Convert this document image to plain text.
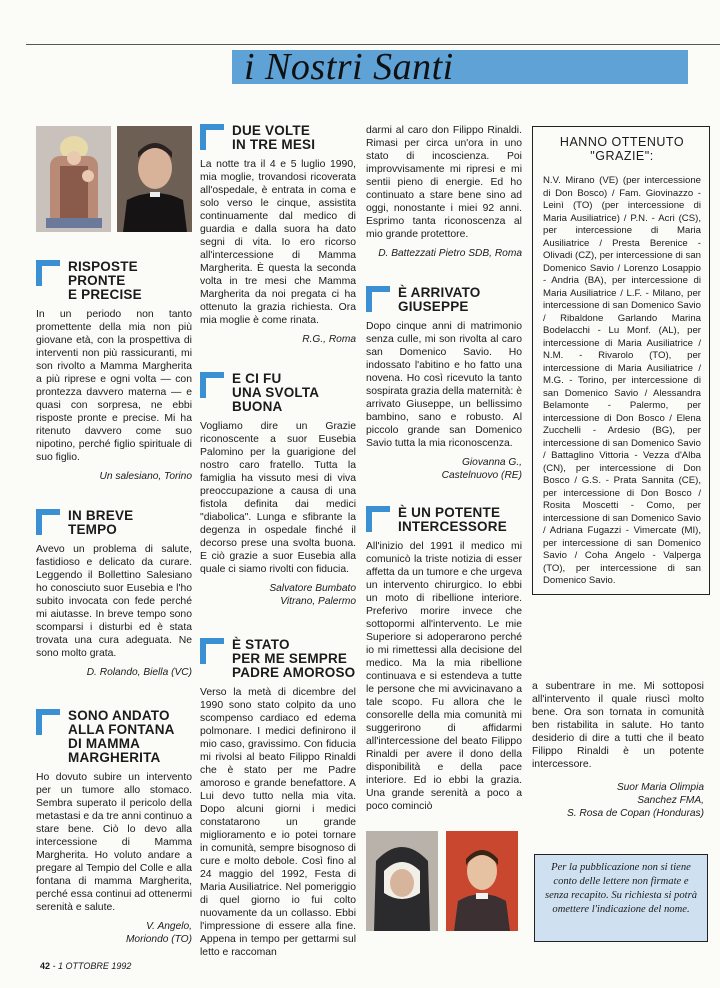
i Nostri Santi
RISPOSTE
PRONTE
E PRECISE

In un periodo non tanto promettente della mia non più giovane età, con la prospettiva di interventi non più rassicuranti, mi son rivolto a Mamma Margherita a più riprese e ogni volta — con prontezza davvero materna — e quasi con sorpresa, ne ebbi risposte pronte e precise. Mi ha ritenuto davvero come suo nipotino, perché figlio spirituale di suo figlio.

Un salesiano, Torino

IN BREVE
TEMPO

Avevo un problema di salute, fastidioso e delicato da curare. Leggendo il Bollettino Salesiano ho conosciuto suor Eusebia e l'ho subito invocata con fede perché mi aiutasse. In breve tempo sono scomparsi i disturbi ed è stata trovata una cura adeguata. Ne sono molto grata.

D. Rolando, Biella (VC)

SONO ANDATO
ALLA FONTANA
DI MAMMA
MARGHERITA

Ho dovuto subire un intervento per un tumore allo stomaco. Sembra superato il pericolo della metastasi e da tre anni continuo a stare bene. Ciò lo devo alla intercessione di Mamma Margherita. Ho voluto andare a pregare al Tempio del Colle e alla fontana di mamma Margherita, perché essa continui ad ottenermi serenità e salute.

V. Angelo,
Moriondo (TO)

DUE VOLTE
IN TRE MESI

La notte tra il 4 e 5 luglio 1990, mia moglie, trovandosi ricoverata all'ospedale, è entrata in coma e solo verso le cinque, assistita continuamente dal medico di guardia e dalla suora ha dato segni di vita. Io ero ricorso all'intercessione di Mamma Margherita. È questa la seconda volta in tre mesi che Mamma Margherita da noi pregata ci ha ottenuto la grazia richiesta. Ora mia moglie è come rinata.

R.G., Roma

E CI FU
UNA SVOLTA
BUONA

Vogliamo dire un Grazie riconoscente a suor Eusebia Palomino per la guarigione del nostro caro fratello. Tutta la famiglia ha vissuto mesi di viva preoccupazione a causa di una fistola definita dai medici "diabolica". Lunga e sfibrante la degenza in ospedale finché il decorso prese una svolta buona. E ciò grazie a suor Eusebia alla quale ci siamo rivolti con fiducia.

Salvatore Bumbato
Vitrano, Palermo

È STATO
PER ME SEMPRE
PADRE AMOROSO

Verso la metà di dicembre del 1990 sono stato colpito da uno scompenso cardiaco ed edema polmonare. I medici definirono il mio caso, gravissimo. Con fiducia mi rivolsi al beato Filippo Rinaldi che è stato per me Padre amoroso e grande benefattore. A Lui devo tutto nella mia vita. Dopo alcuni giorni i medici constatarono un grande miglioramento e io potei tornare in comunità, sempre bisognoso di cure e molto debole. Così fino al 24 maggio del 1992, Festa di Maria Ausiliatrice. Nel pomeriggio di quel giorno io fui colto nuovamente da un collasso. Ebbi l'impressione di essere alla fine. Appena in tempo per gettarmi sul letto e raccoman

darmi al caro don Filippo Rinaldi. Rimasi per circa un'ora in uno stato di incoscienza. Poi improvvisamente mi ripresi e mi sentii pieno di energie. Ed ho continuato a stare bene sino ad oggi, nonostante i miei 92 anni. Esprimo tanta riconoscenza al mio grande protettore.

D. Battezzati Pietro SDB, Roma

È ARRIVATO
GIUSEPPE

Dopo cinque anni di matrimonio senza culle, mi son rivolta al caro san Domenico Savio. Ho indossato l'abitino e ho fatto una novena. Ho così ricevuto la tanto sospirata grazia della maternità: è arrivato Giuseppe, un bellissimo bambino, sano e robusto. Al piccolo grande san Domenico Savio tutta la mia riconoscenza.

Giovanna G.,
Castelnuovo (RE)

È UN POTENTE
INTERCESSORE

All'inizio del 1991 il medico mi comunicò la triste notizia di esser affetta da un tumore e che urgeva un intervento chirurgico. Io ebbi un moto di ribellione interiore. Preferivo morire invece che sottopormi all'intervento. Le mie Superiore si adoperarono perché io mi rimettessi alla decisione del medico. Ma la mia ribellione continuava e si estendeva a tutte le persone che mi avvicinavano a tale scopo. Fu allora che le consorelle della mia comunità mi suggerirono di affidarmi all'intercessione del beato Filippo Rinaldi per avere il dono della disponibilità e della pace interiore. Ed io ebbi la grazia. Una grande serenità a poco a poco cominciò

HANNO OTTENUTO
"GRAZIE":

N.V. Mirano (VE) (per intercessione di Don Bosco) / Fam. Giovinazzo - Leinì (TO) (per intercessione di Maria Ausiliatrice) / P.N. - Acri (CS), per intercessione di Maria Ausiliatrice / Presta Berenice - Olivadi (CZ), per intercessione di san Domenico Savio / Lorenzo Losappio - Andria (BA), per intercessione di Maria Ausiliatrice / L.F. - Milano, per intercessione di san Domenico Savio / Ribaldone Garlando Marina Bodelacchi - Lu Monf. (AL), per intercessione di Maria Ausiliatrice / N.M. - Rivarolo (TO), per intercessione di Maria Ausiliatrice / M.G. - Torino, per intercessione di san Domenico Savio / Alessandra Belamonte - Palermo, per intercessione di Don Bosco / Elena Zucchelli - Ardesio (BG), per intercessione di san Domenico Savio / Battaglino Vittoria - Vezza d'Alba (CN), per intercessione di Don Bosco / G.S. - Prata Sannita (CE), per intercessione di Don Bosco / Rosita Moscetti - Como, per intercessione di san Domenico Savio / Adriana Fugazzi - Vimercate (MI), per intercessione di san Domenico Savio / Coha Angelo - Valperga (TO), per intercessione di san Domenico Savio.

a subentrare in me. Mi sottoposi all'intervento il quale riuscì molto bene. Ora son tornata in comunità ben ristabilita in salute. Ho tanto desiderio di dire a tutti che il beato Filippo Rinaldi è un potente intercessore.

Suor Maria Olimpia
Sanchez FMA,
S. Rosa de Copan (Honduras)

Per la pubblicazione non si tiene conto delle lettere non firmate e senza recapito. Su richiesta si potrà omettere l'indicazione del nome.
42 - 1 OTTOBRE 1992
